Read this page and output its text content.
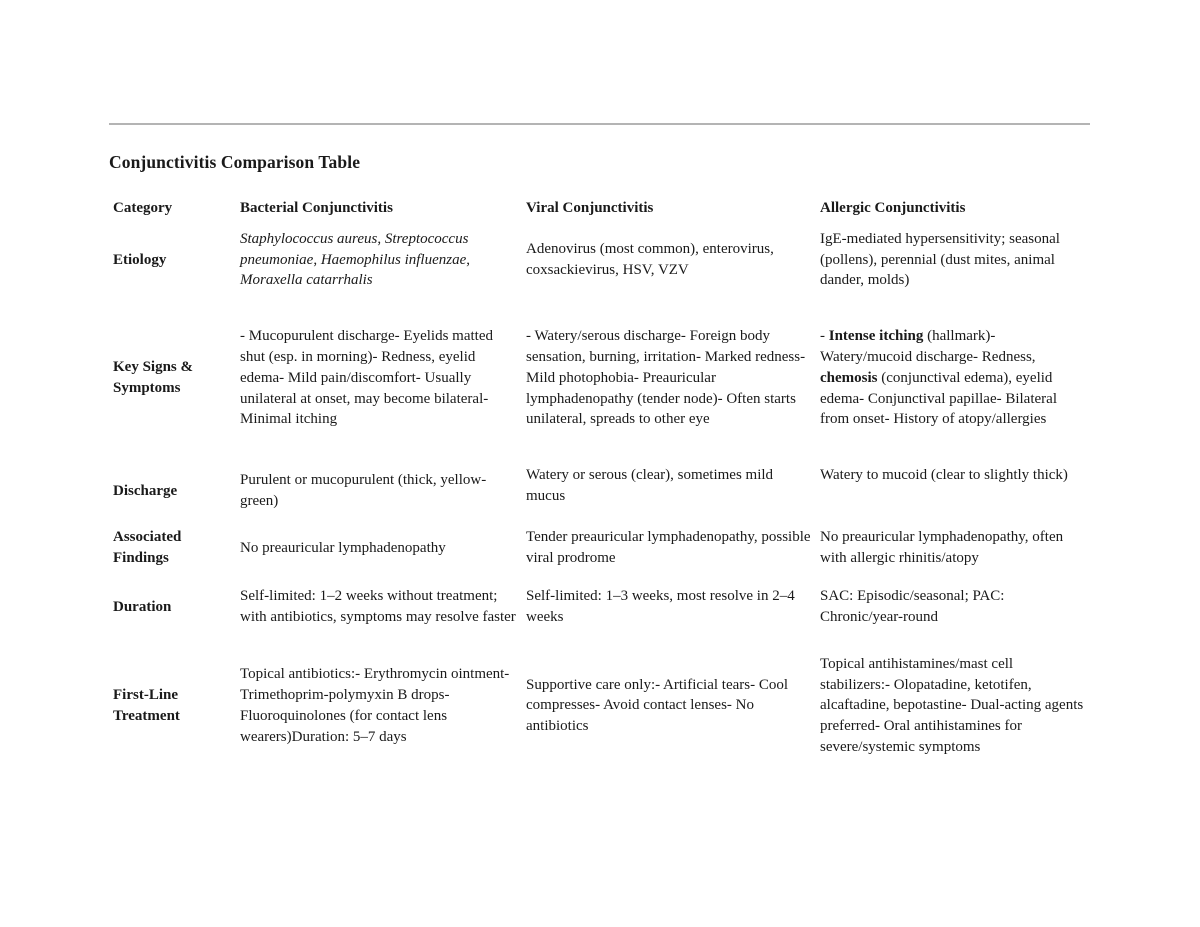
Conjunctivitis Comparison Table
Category	Bacterial Conjunctivitis	Viral Conjunctivitis	Allergic Conjunctivitis
Etiology	Staphylococcus aureus, Streptococcus pneumoniae, Haemophilus influenzae, Moraxella catarrhalis	Adenovirus (most common), enterovirus, coxsackievirus, HSV, VZV	IgE-mediated hypersensitivity; seasonal (pollens), perennial (dust mites, animal dander, molds)
Key Signs & Symptoms	- Mucopurulent discharge- Eyelids matted shut (esp. in morning)- Redness, eyelid edema- Mild pain/discomfort- Usually unilateral at onset, may become bilateral- Minimal itching	- Watery/serous discharge- Foreign body sensation, burning, irritation- Marked redness- Mild photophobia- Preauricular lymphadenopathy (tender node)- Often starts unilateral, spreads to other eye	- Intense itching (hallmark)- Watery/mucoid discharge- Redness, chemosis (conjunctival edema), eyelid edema- Conjunctival papillae- Bilateral from onset- History of atopy/allergies
Discharge	Purulent or mucopurulent (thick, yellow-green)	Watery or serous (clear), sometimes mild mucus	Watery to mucoid (clear to slightly thick)
Associated Findings	No preauricular lymphadenopathy	Tender preauricular lymphadenopathy, possible viral prodrome	No preauricular lymphadenopathy, often with allergic rhinitis/atopy
Duration	Self-limited: 1–2 weeks without treatment; with antibiotics, symptoms may resolve faster	Self-limited: 1–3 weeks, most resolve in 2–4 weeks	SAC: Episodic/seasonal; PAC: Chronic/year-round
First-Line Treatment	Topical antibiotics:- Erythromycin ointment- Trimethoprim-polymyxin B drops- Fluoroquinolones (for contact lens wearers)Duration: 5–7 days	Supportive care only:- Artificial tears- Cool compresses- Avoid contact lenses- No antibiotics	Topical antihistamines/mast cell stabilizers:- Olopatadine, ketotifen, alcaftadine, bepotastine- Dual-acting agents preferred- Oral antihistamines for severe/systemic symptoms
